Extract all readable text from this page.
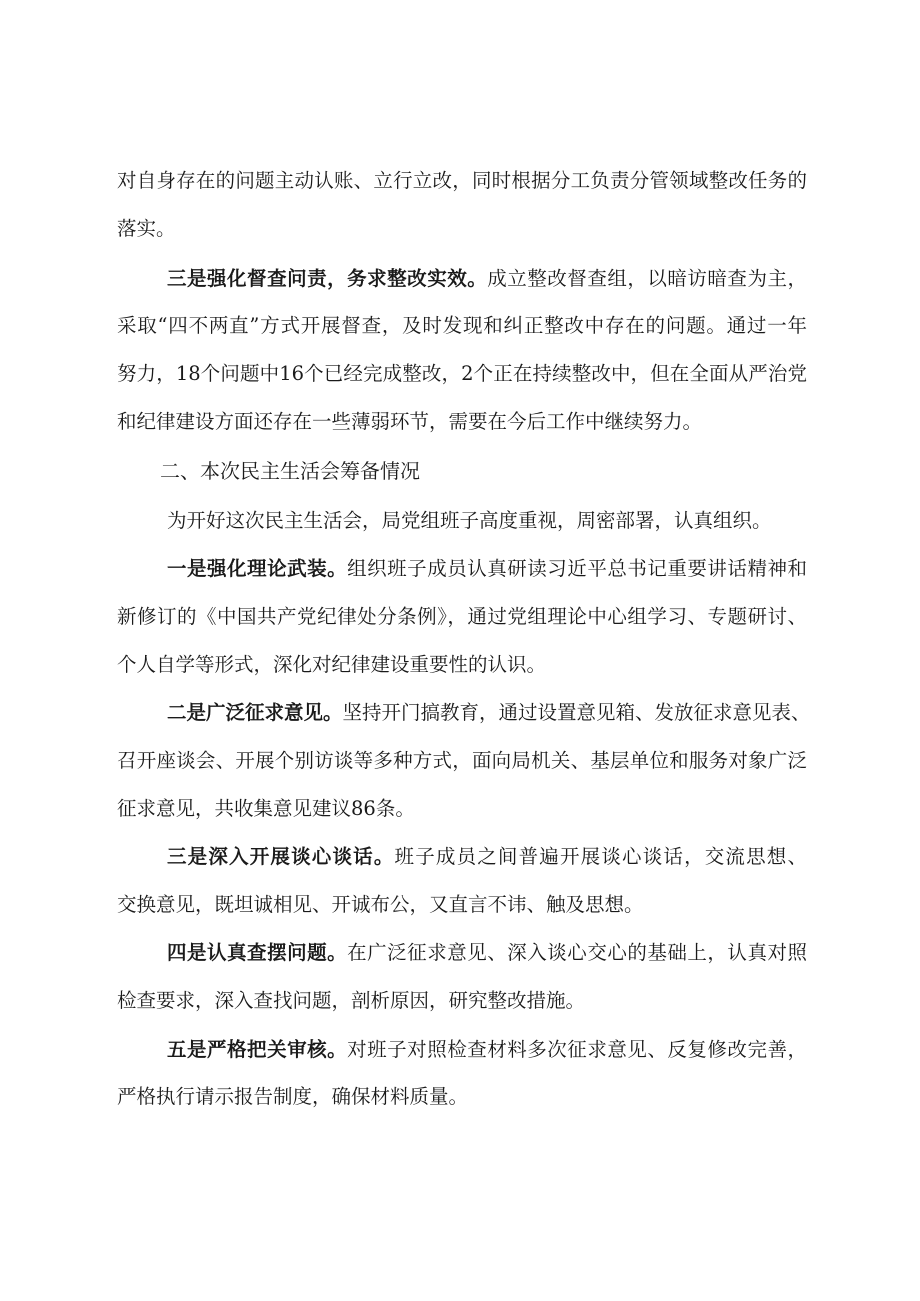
对自身存在的问题主动认账、立行立改，同时根据分工负责分管领域整改任务的
落实。
三是强化督查问责，务求整改实效。成立整改督查组，以暗访暗查为主，
采取“四不两直”方式开展督查，及时发现和纠正整改中存在的问题。通过一年
努力，18个问题中16个已经完成整改，2个正在持续整改中，但在全面从严治党
和纪律建设方面还存在一些薄弱环节，需要在今后工作中继续努力。
二、本次民主生活会筹备情况
为开好这次民主生活会，局党组班子高度重视，周密部署，认真组织。
一是强化理论武装。组织班子成员认真研读习近平总书记重要讲话精神和
新修订的《中国共产党纪律处分条例》，通过党组理论中心组学习、专题研讨、
个人自学等形式，深化对纪律建设重要性的认识。
二是广泛征求意见。坚持开门搞教育，通过设置意见箱、发放征求意见表、
召开座谈会、开展个别访谈等多种方式，面向局机关、基层单位和服务对象广泛
征求意见，共收集意见建议86条。
三是深入开展谈心谈话。班子成员之间普遍开展谈心谈话，交流思想、
交换意见，既坦诚相见、开诚布公，又直言不讳、触及思想。
四是认真查摆问题。在广泛征求意见、深入谈心交心的基础上，认真对照
检查要求，深入查找问题，剖析原因，研究整改措施。
五是严格把关审核。对班子对照检查材料多次征求意见、反复修改完善，
严格执行请示报告制度，确保材料质量。
